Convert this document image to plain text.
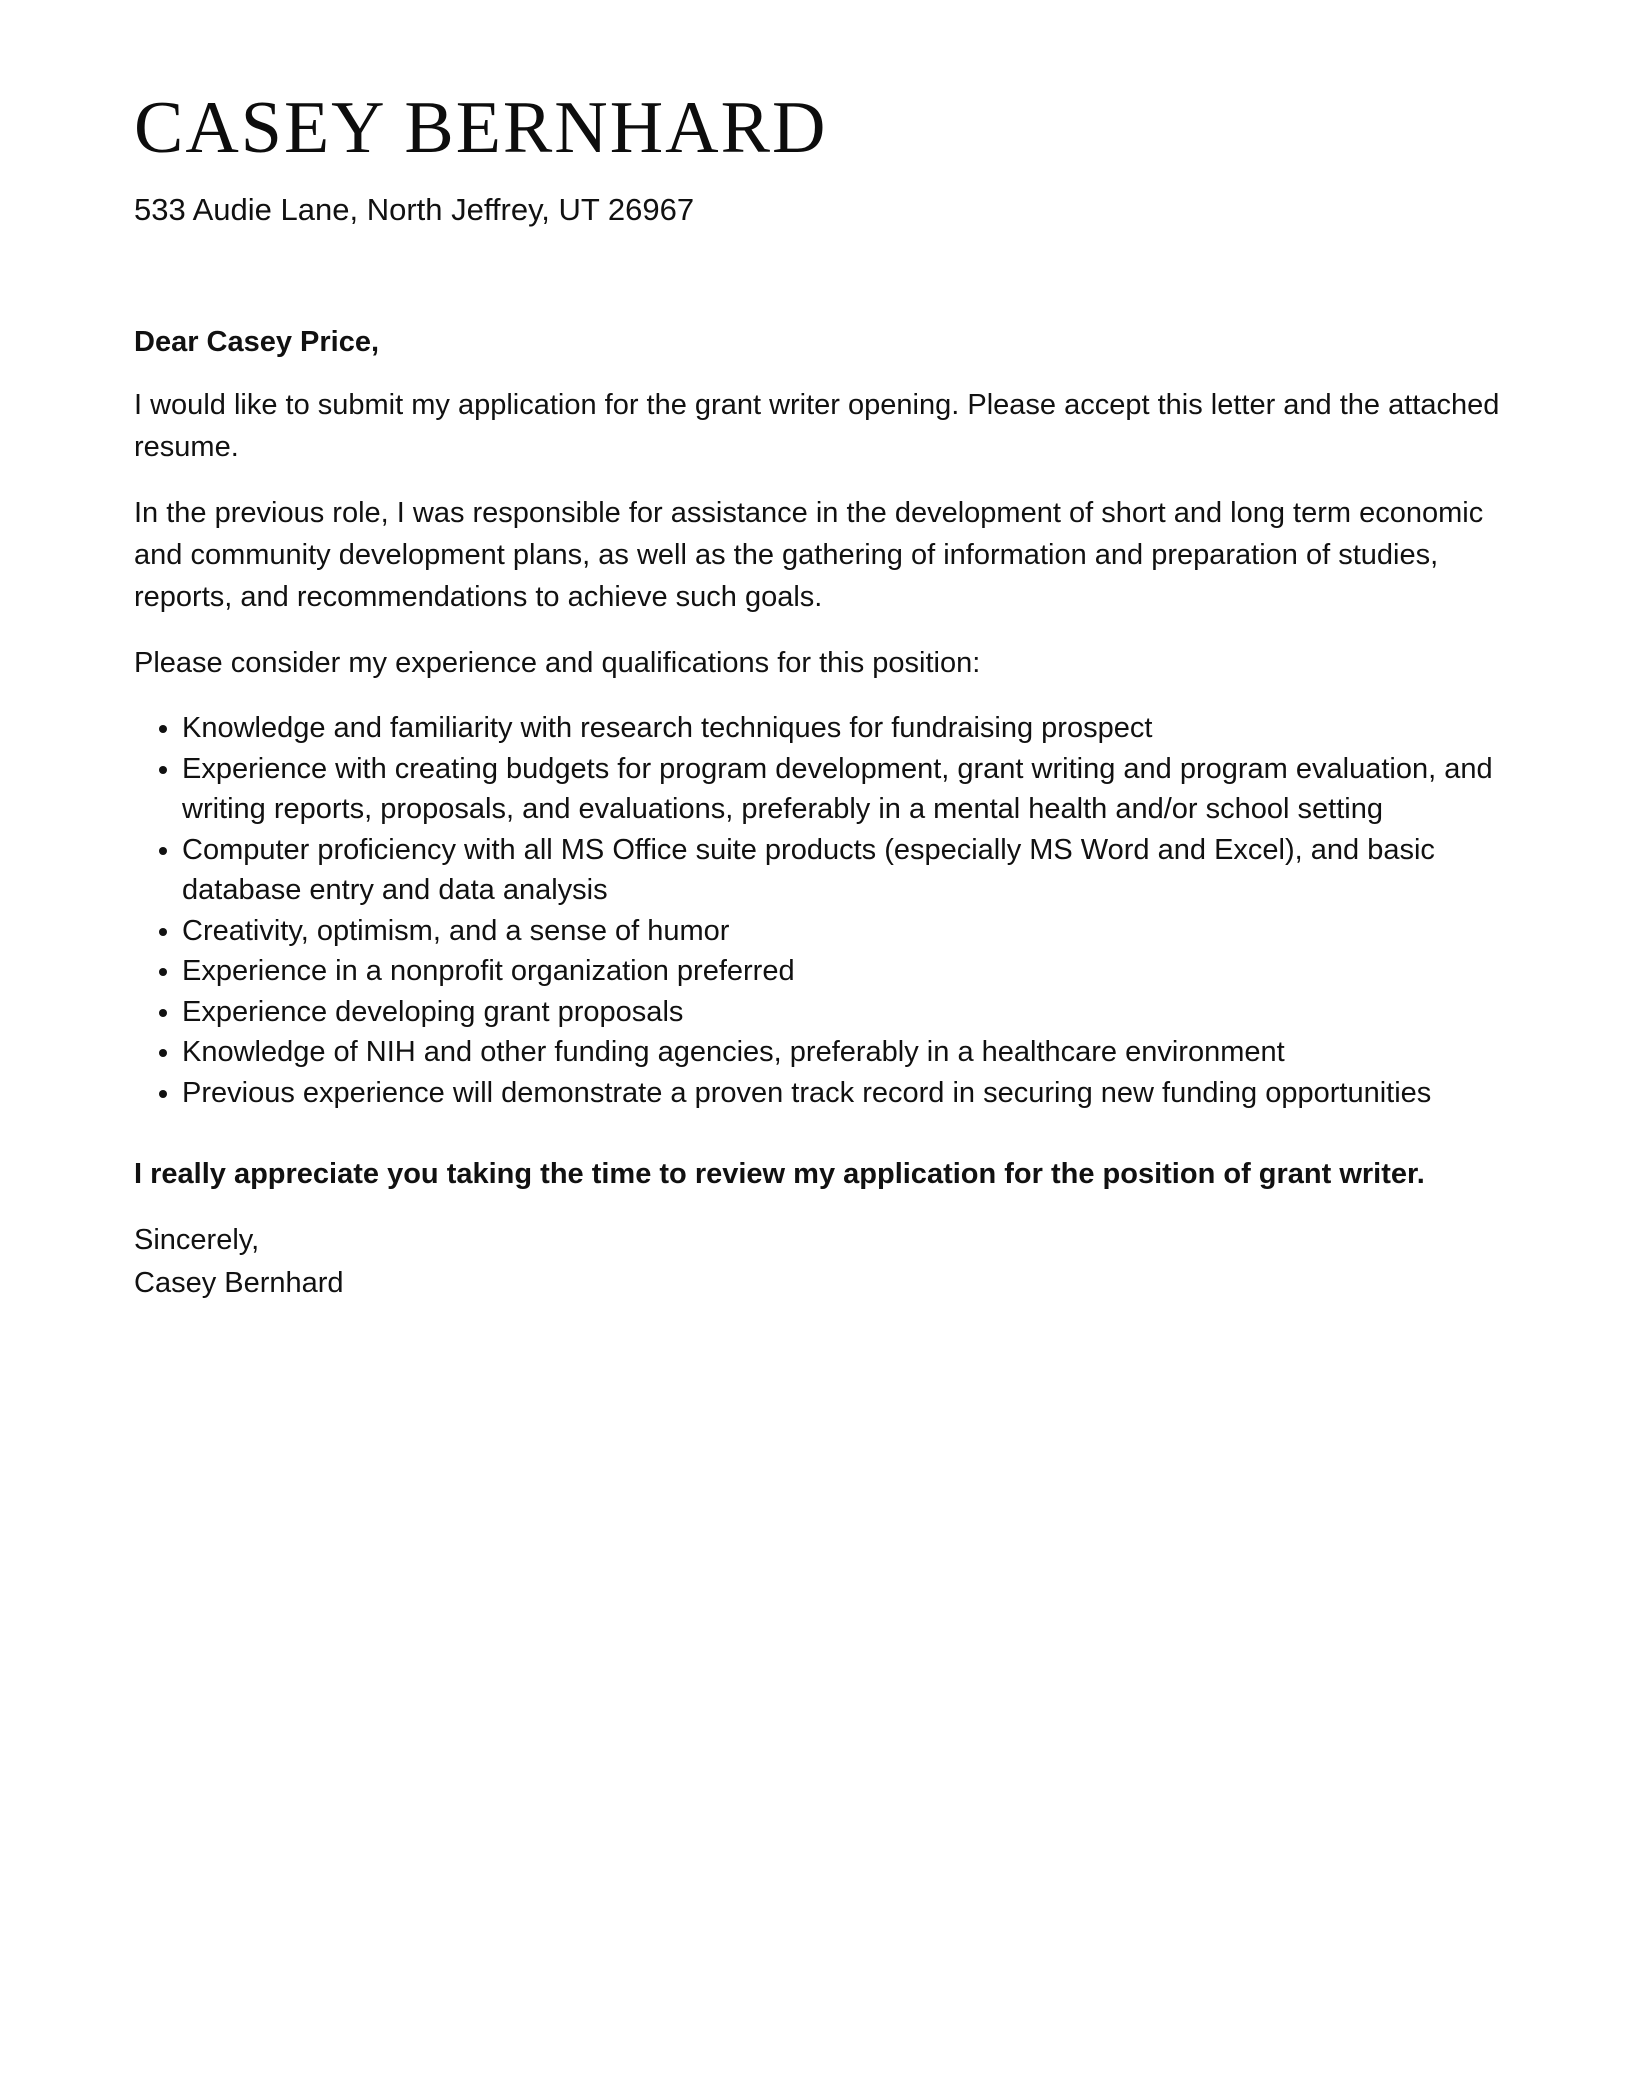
CASEY BERNHARD
533 Audie Lane, North Jeffrey, UT 26967
Dear Casey Price,

I would like to submit my application for the grant writer opening. Please accept this letter and the attached resume.

In the previous role, I was responsible for assistance in the development of short and long term economic and community development plans, as well as the gathering of information and preparation of studies, reports, and recommendations to achieve such goals.

Please consider my experience and qualifications for this position:

• Knowledge and familiarity with research techniques for fundraising prospect
• Experience with creating budgets for program development, grant writing and program evaluation, and writing reports, proposals, and evaluations, preferably in a mental health and/or school setting
• Computer proficiency with all MS Office suite products (especially MS Word and Excel), and basic database entry and data analysis
• Creativity, optimism, and a sense of humor
• Experience in a nonprofit organization preferred
• Experience developing grant proposals
• Knowledge of NIH and other funding agencies, preferably in a healthcare environment
• Previous experience will demonstrate a proven track record in securing new funding opportunities

I really appreciate you taking the time to review my application for the position of grant writer.

Sincerely,
Casey Bernhard
